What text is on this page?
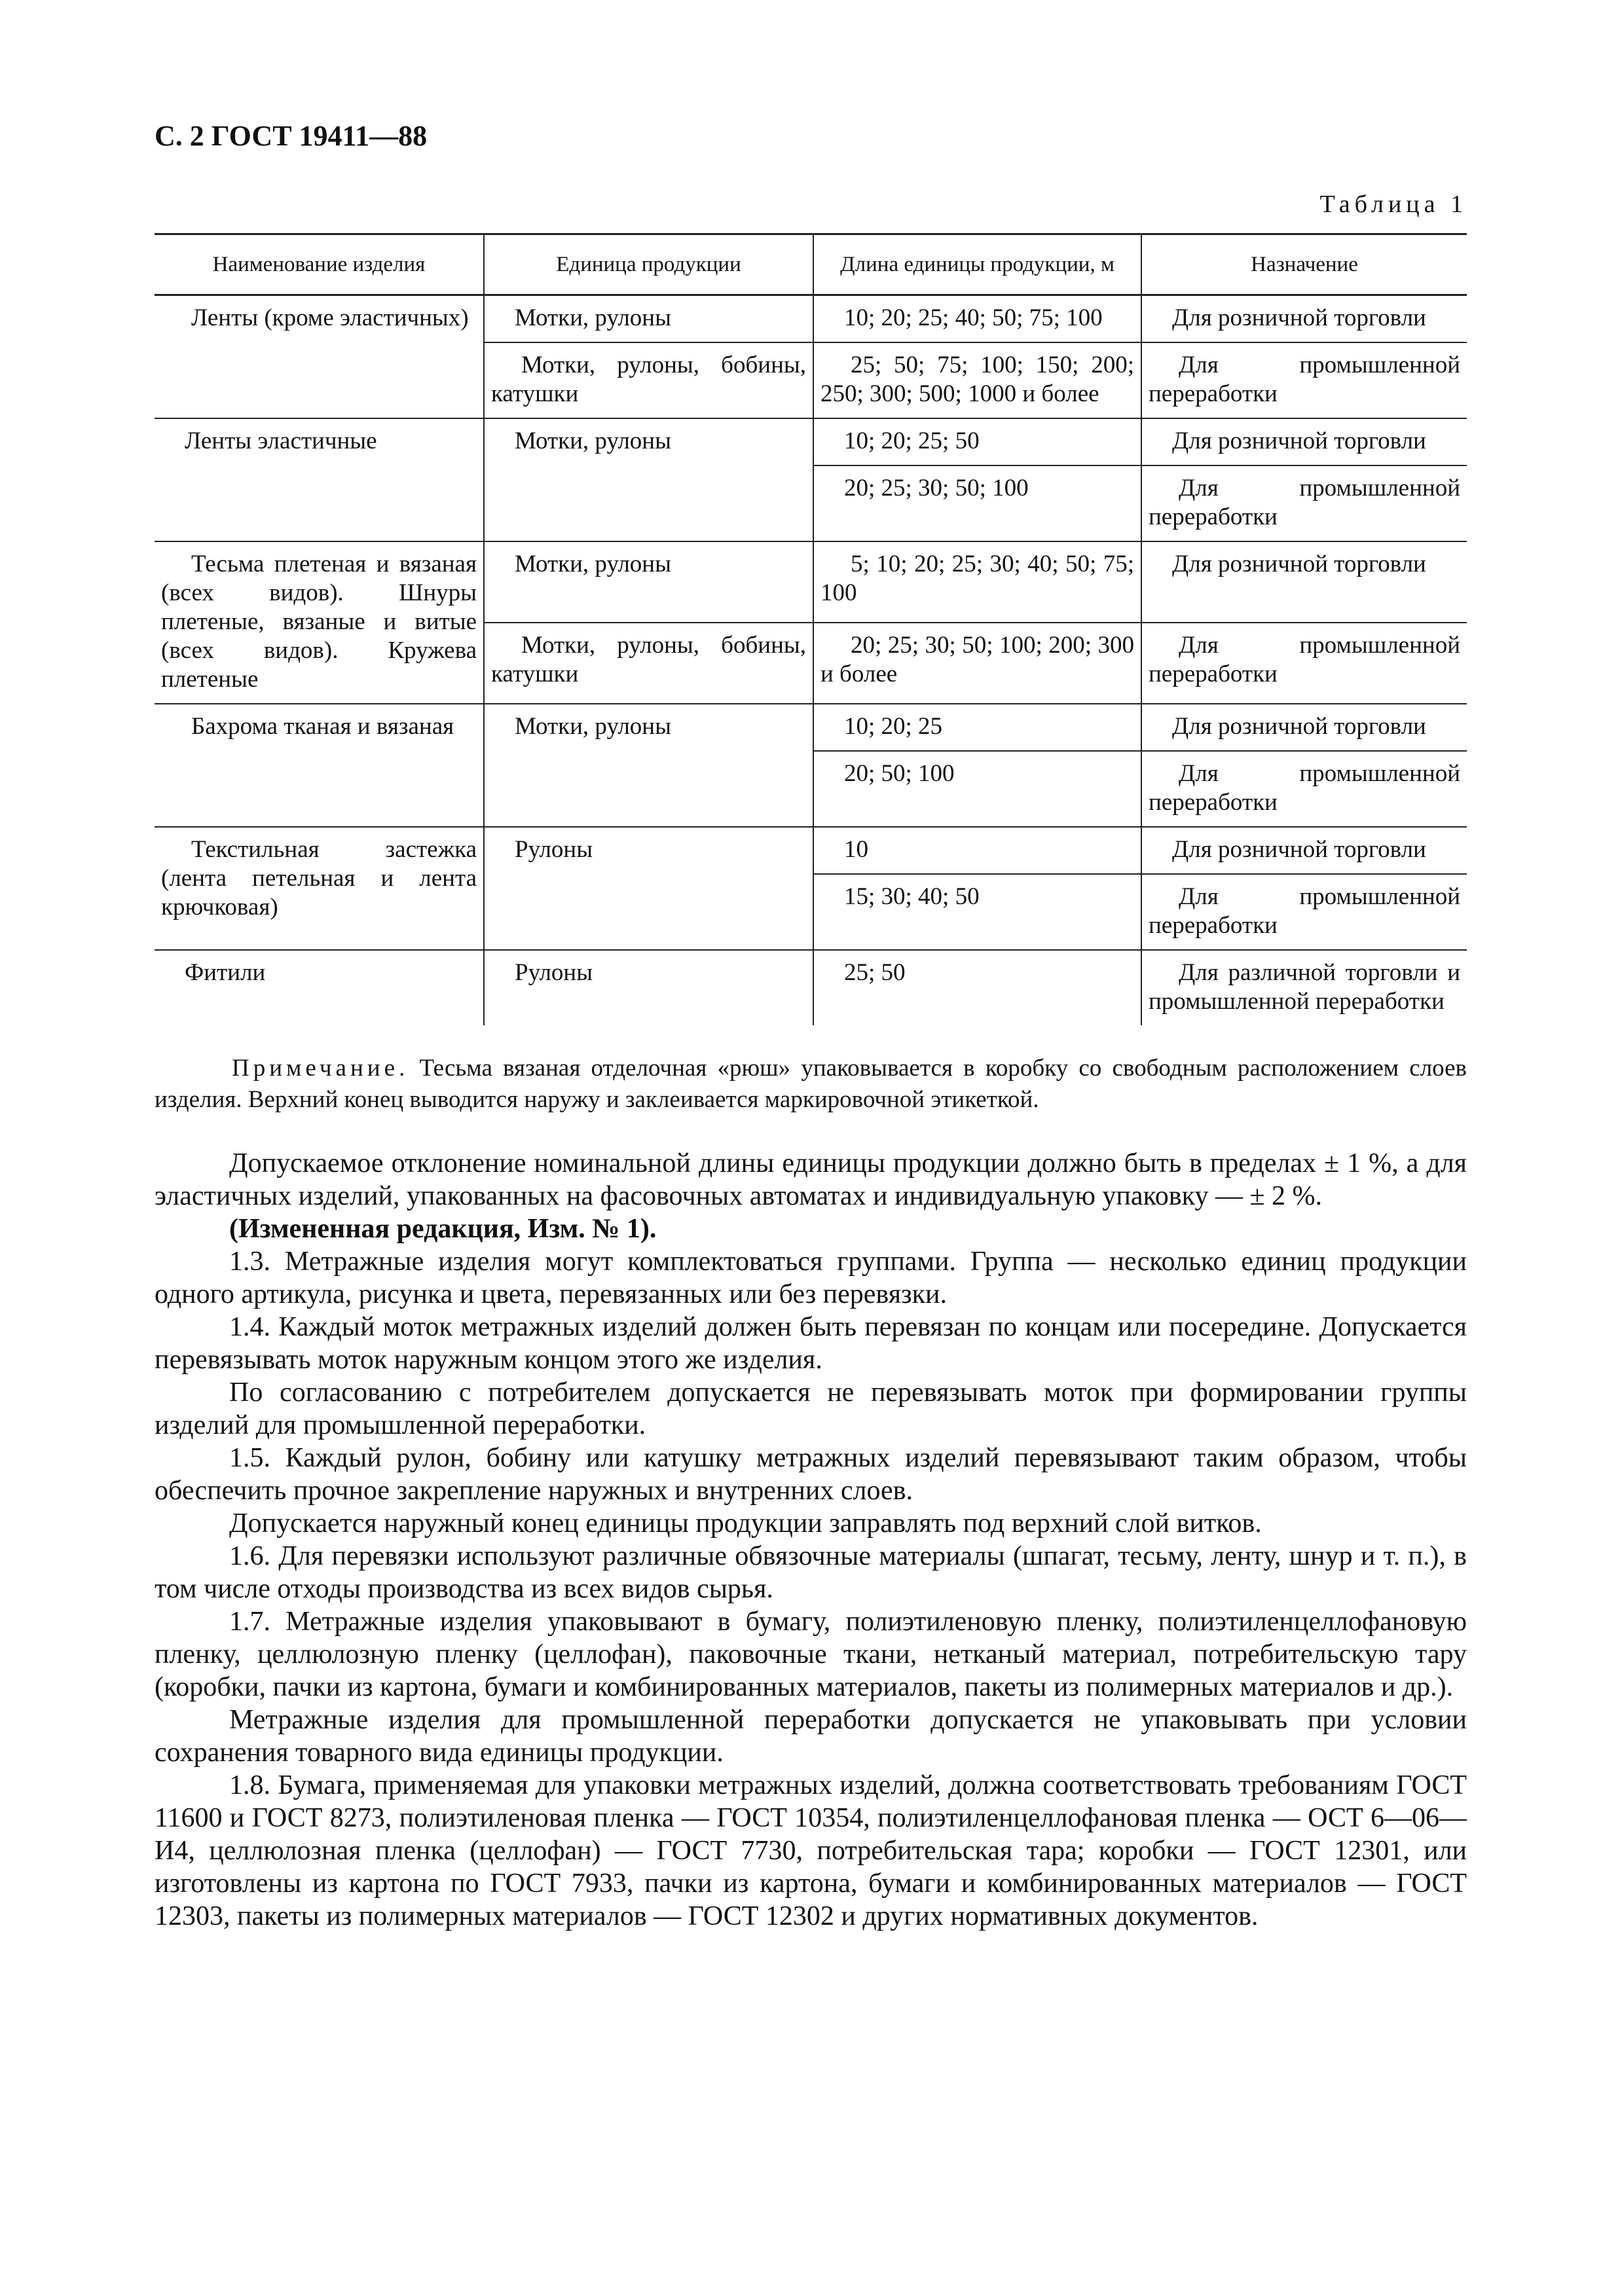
С. 2 ГОСТ 19411—88
Таблица 1
Наименование изделия	Единица продукции	Длина единицы продукции, м	Назначение
Ленты (кроме эластичных)	Мотки, рулоны	10; 20; 25; 40; 50; 75; 100	Для розничной торговли
	Мотки, рулоны, бобины, катушки	25; 50; 75; 100; 150; 200; 250; 300; 500; 1000 и более	Для промышленной переработки
Ленты эластичные	Мотки, рулоны	10; 20; 25; 50	Для розничной торговли
		20; 25; 30; 50; 100	Для промышленной переработки
Тесьма плетеная и вязаная (всех видов). Шнуры плетеные, вязаные и витые (всех видов). Кружева плетеные	Мотки, рулоны	5; 10; 20; 25; 30; 40; 50; 75; 100	Для розничной торговли
	Мотки, рулоны, бобины, катушки	20; 25; 30; 50; 100; 200; 300 и более	Для промышленной переработки
Бахрома тканая и вязаная	Мотки, рулоны	10; 20; 25	Для розничной торговли
		20; 50; 100	Для промышленной переработки
Текстильная застежка (лента петельная и лента крючковая)	Рулоны	10	Для розничной торговли
		15; 30; 40; 50	Для промышленной переработки
Фитили	Рулоны	25; 50	Для различной торговли и промышленной переработки
Примечание. Тесьма вязаная отделочная «рюш» упаковывается в коробку со свободным расположением слоев изделия. Верхний конец выводится наружу и заклеивается маркировочной этикеткой.

Допускаемое отклонение номинальной длины единицы продукции должно быть в пределах ± 1 %, а для эластичных изделий, упакованных на фасовочных автоматах и индивидуальную упаковку — ± 2 %.

(Измененная редакция, Изм. № 1).

1.3. Метражные изделия могут комплектоваться группами. Группа — несколько единиц продукции одного артикула, рисунка и цвета, перевязанных или без перевязки.

1.4. Каждый моток метражных изделий должен быть перевязан по концам или посередине. Допускается перевязывать моток наружным концом этого же изделия.

По согласованию с потребителем допускается не перевязывать моток при формировании группы изделий для промышленной переработки.

1.5. Каждый рулон, бобину или катушку метражных изделий перевязывают таким образом, чтобы обеспечить прочное закрепление наружных и внутренних слоев.

Допускается наружный конец единицы продукции заправлять под верхний слой витков.

1.6. Для перевязки используют различные обвязочные материалы (шпагат, тесьму, ленту, шнур и т. п.), в том числе отходы производства из всех видов сырья.

1.7. Метражные изделия упаковывают в бумагу, полиэтиленовую пленку, полиэтиленцеллофановую пленку, целлюлозную пленку (целлофан), паковочные ткани, нетканый материал, потребительскую тару (коробки, пачки из картона, бумаги и комбинированных материалов, пакеты из полимерных материалов и др.).

Метражные изделия для промышленной переработки допускается не упаковывать при условии сохранения товарного вида единицы продукции.

1.8. Бумага, применяемая для упаковки метражных изделий, должна соответствовать требованиям ГОСТ 11600 и ГОСТ 8273, полиэтиленовая пленка — ГОСТ 10354, полиэтиленцеллофановая пленка — ОСТ 6—06—И4, целлюлозная пленка (целлофан) — ГОСТ 7730, потребительская тара; коробки — ГОСТ 12301, или изготовлены из картона по ГОСТ 7933, пачки из картона, бумаги и комбинированных материалов — ГОСТ 12303, пакеты из полимерных материалов — ГОСТ 12302 и других нормативных документов.
